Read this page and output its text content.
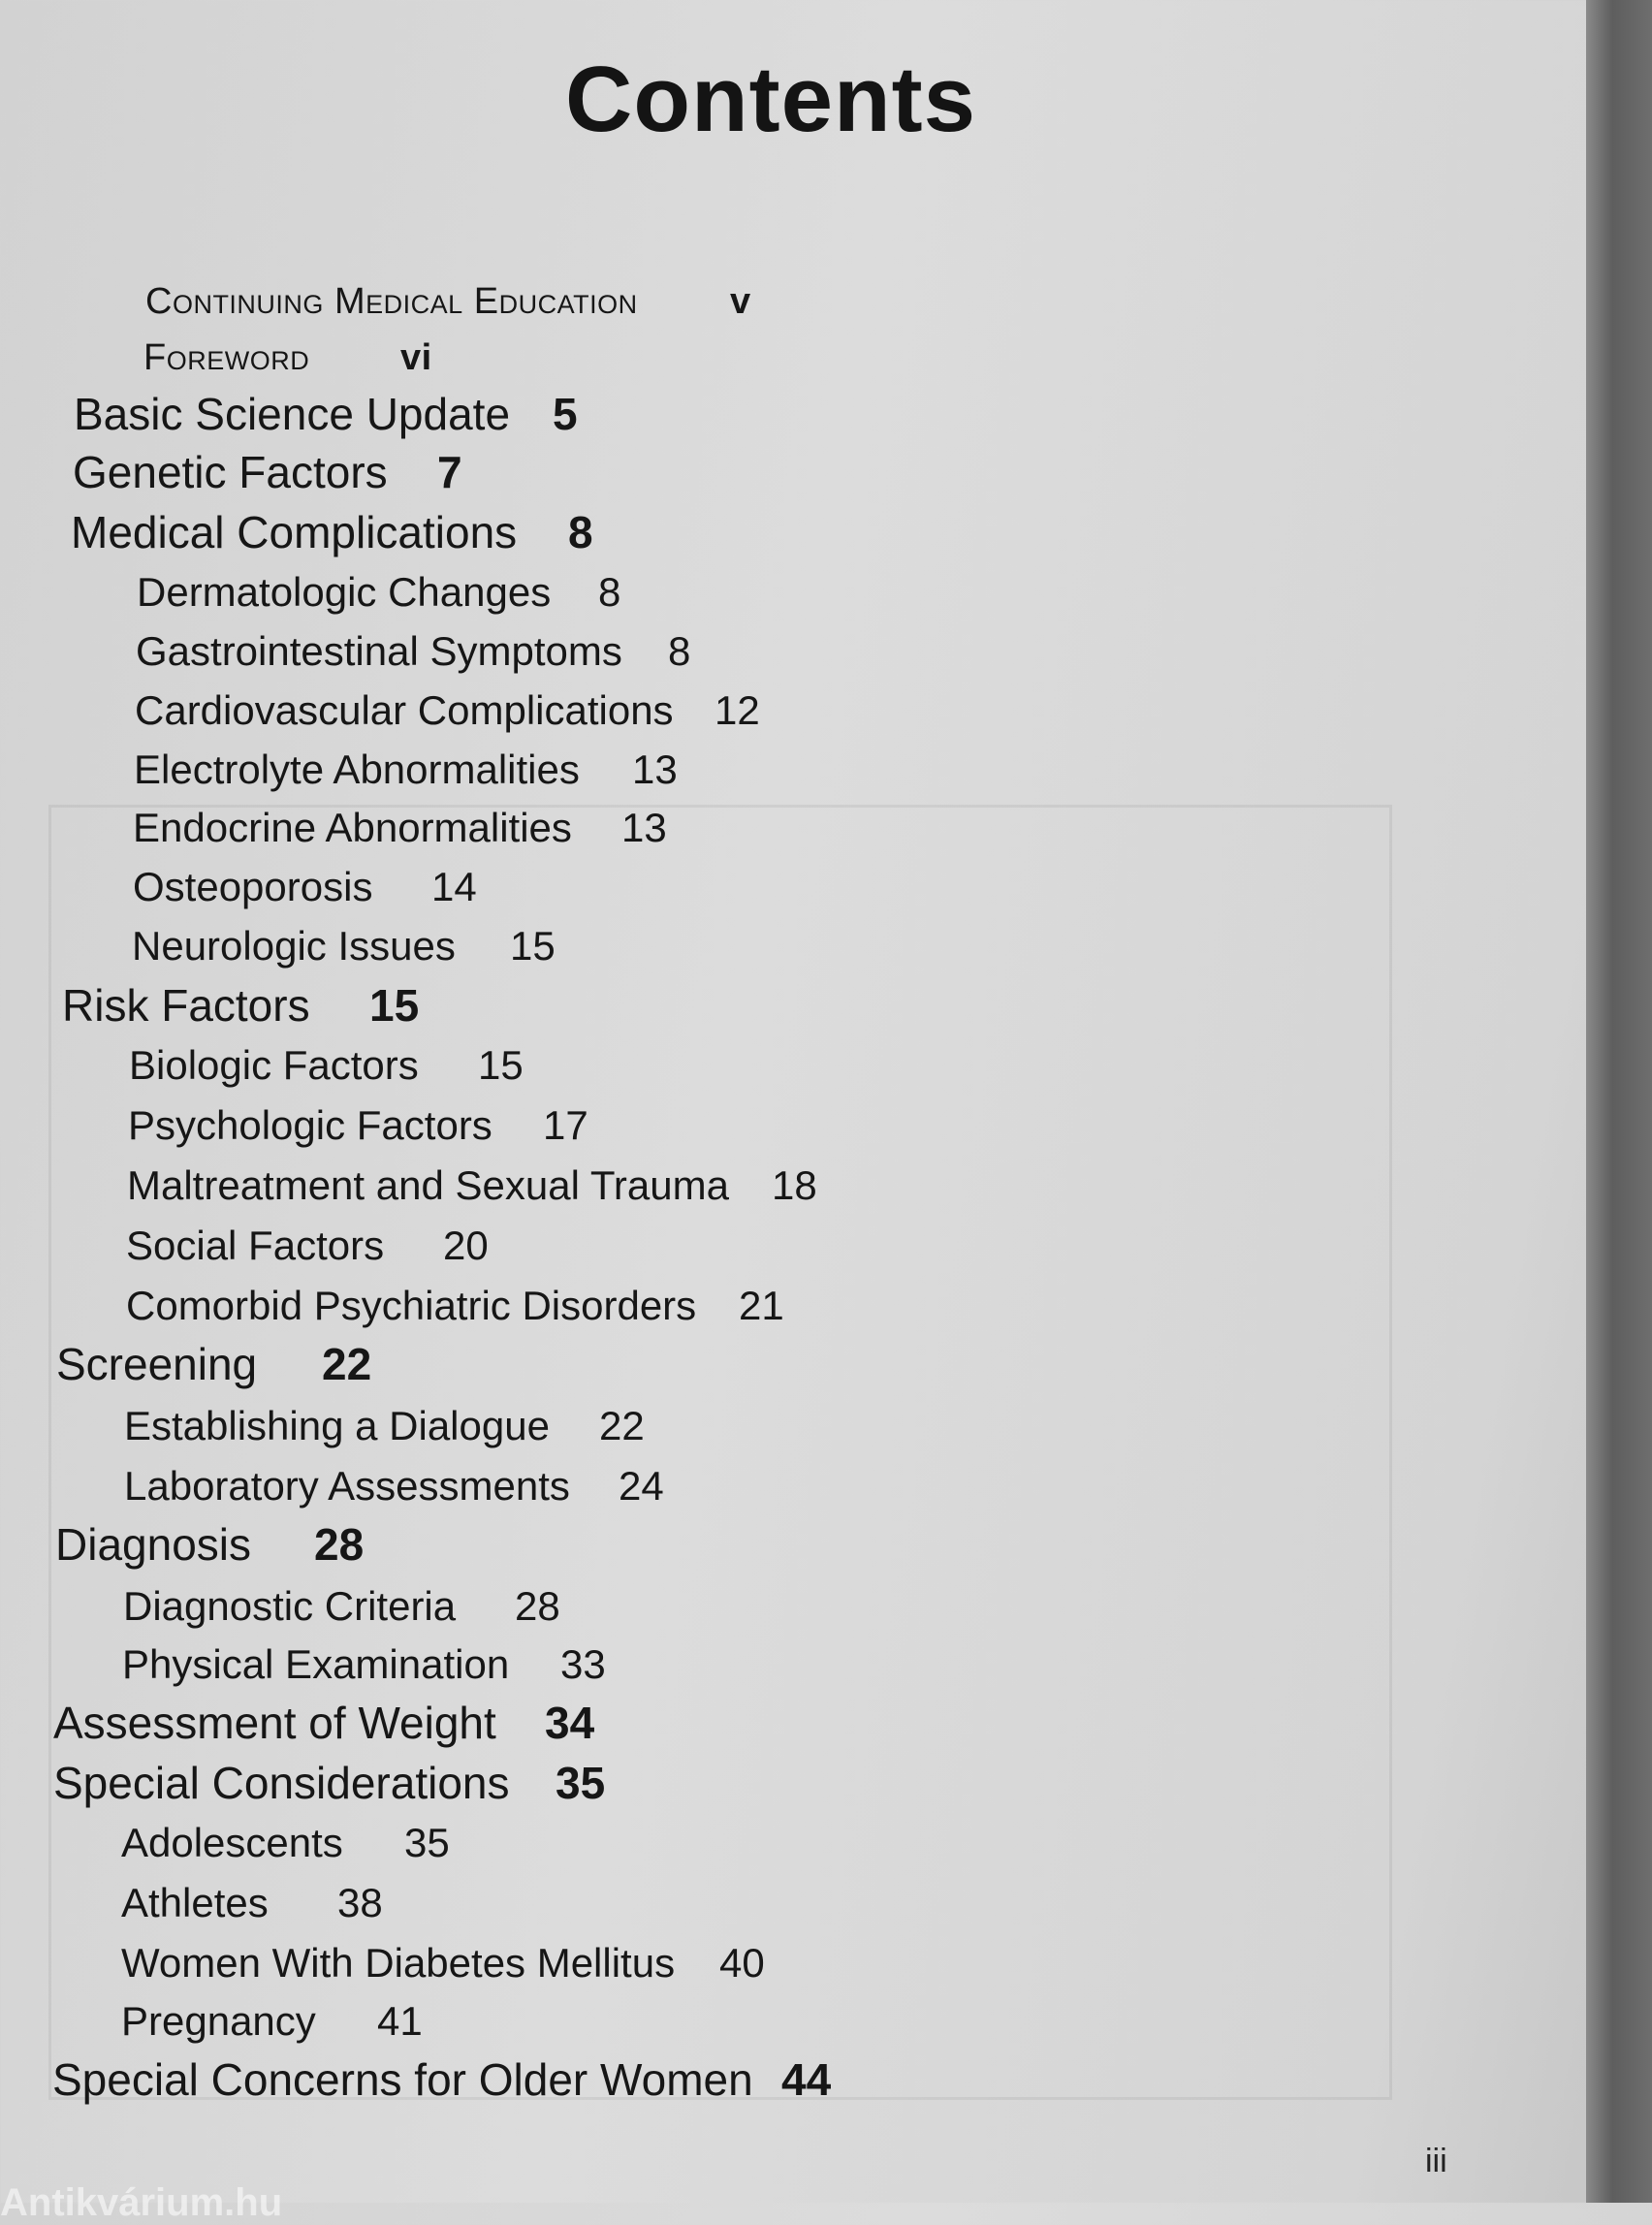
Contents
Continuing Medical Education	v
Foreword vi
Basic Science Update 5
Genetic Factors 7
Medical Complications 8
Dermatologic Changes 8
Gastrointestinal Symptoms 8
Cardiovascular Complications 12
Electrolyte Abnormalities 13
Endocrine Abnormalities 13
Osteoporosis 14
Neurologic Issues 15
Risk Factors 15
Biologic Factors 15
Psychologic Factors 17
Maltreatment and Sexual Trauma 18
Social Factors 20
Comorbid Psychiatric Disorders 21
Screening 22
Establishing a Dialogue 22
Laboratory Assessments 24
Diagnosis 28
Diagnostic Criteria 28
Physical Examination 33
Assessment of Weight 34
Special Considerations 35
Adolescents 35
Athletes 38
Women With Diabetes Mellitus 40
Pregnancy 41
Special Concerns for Older Women 44
iii
Antikvárium.hu
